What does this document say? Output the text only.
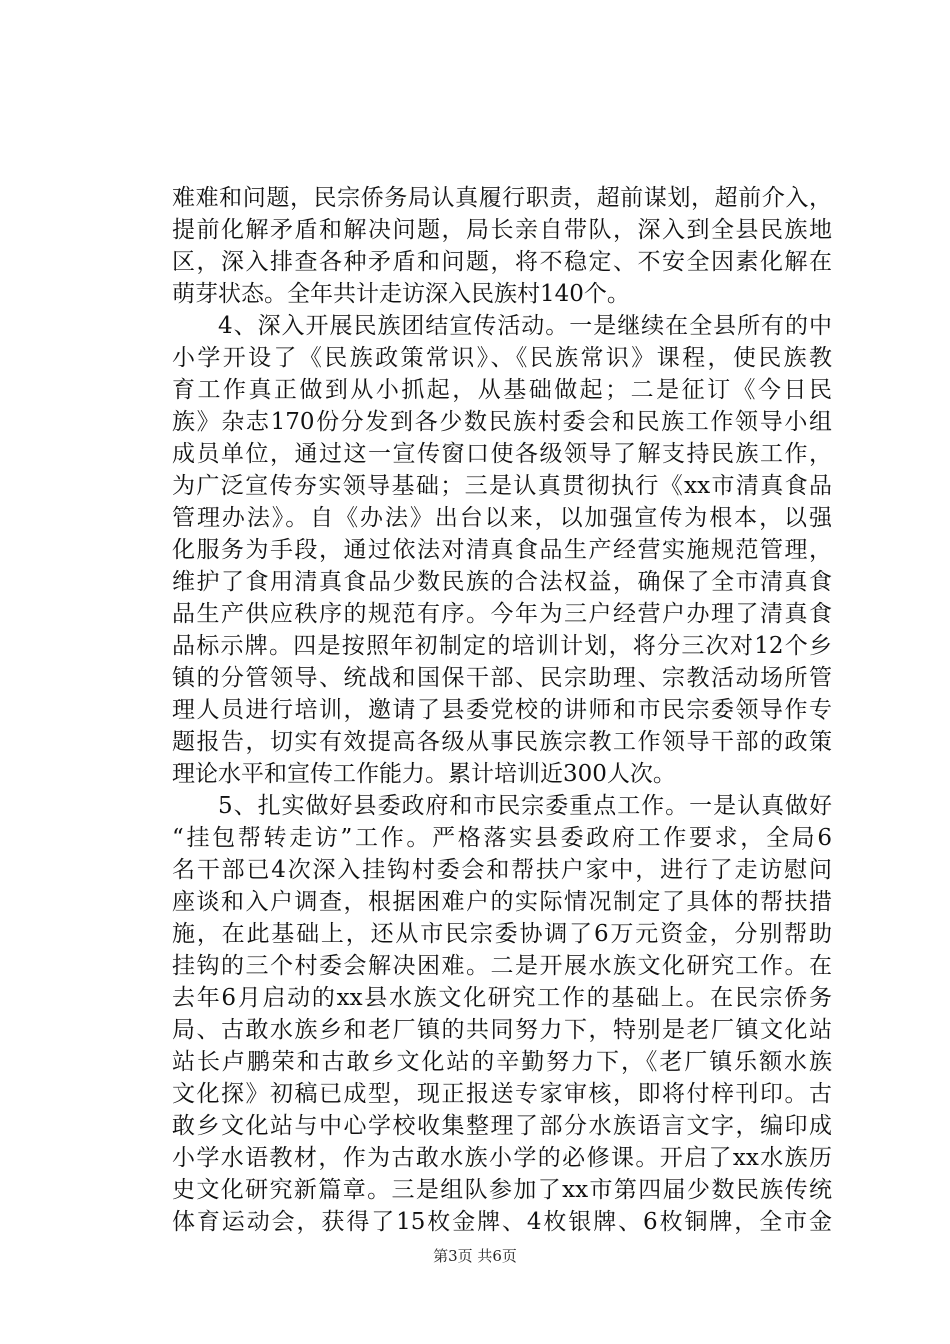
难难和问题，民宗侨务局认真履行职责，超前谋划，超前介入，
提前化解矛盾和解决问题，局长亲自带队，深入到全县民族地
区，深入排查各种矛盾和问题，将不稳定、不安全因素化解在
萌芽状态。全年共计走访深入民族村140个。
4、深入开展民族团结宣传活动。一是继续在全县所有的中
小学开设了《民族政策常识》、《民族常识》课程，使民族教
育工作真正做到从小抓起，从基础做起；二是征订《今日民
族》杂志170份分发到各少数民族村委会和民族工作领导小组
成员单位，通过这一宣传窗口使各级领导了解支持民族工作，
为广泛宣传夯实领导基础；三是认真贯彻执行《xx市清真食品
管理办法》。自《办法》出台以来，以加强宣传为根本，以强
化服务为手段，通过依法对清真食品生产经营实施规范管理，
维护了食用清真食品少数民族的合法权益，确保了全市清真食
品生产供应秩序的规范有序。今年为三户经营户办理了清真食
品标示牌。四是按照年初制定的培训计划，将分三次对12个乡
镇的分管领导、统战和国保干部、民宗助理、宗教活动场所管
理人员进行培训，邀请了县委党校的讲师和市民宗委领导作专
题报告，切实有效提高各级从事民族宗教工作领导干部的政策
理论水平和宣传工作能力。累计培训近300人次。
5、扎实做好县委政府和市民宗委重点工作。一是认真做好
“挂包帮转走访”工作。严格落实县委政府工作要求，全局6
名干部已4次深入挂钩村委会和帮扶户家中，进行了走访慰问
座谈和入户调查，根据困难户的实际情况制定了具体的帮扶措
施，在此基础上，还从市民宗委协调了6万元资金，分别帮助
挂钩的三个村委会解决困难。二是开展水族文化研究工作。在
去年6月启动的xx县水族文化研究工作的基础上。在民宗侨务
局、古敢水族乡和老厂镇的共同努力下，特别是老厂镇文化站
站长卢鹏荣和古敢乡文化站的辛勤努力下，《老厂镇乐额水族
文化探》初稿已成型，现正报送专家审核，即将付梓刊印。古
敢乡文化站与中心学校收集整理了部分水族语言文字，编印成
小学水语教材，作为古敢水族小学的必修课。开启了xx水族历
史文化研究新篇章。三是组队参加了xx市第四届少数民族传统
体育运动会，获得了15枚金牌、4枚银牌、6枚铜牌，全市金
第3页 共6页
